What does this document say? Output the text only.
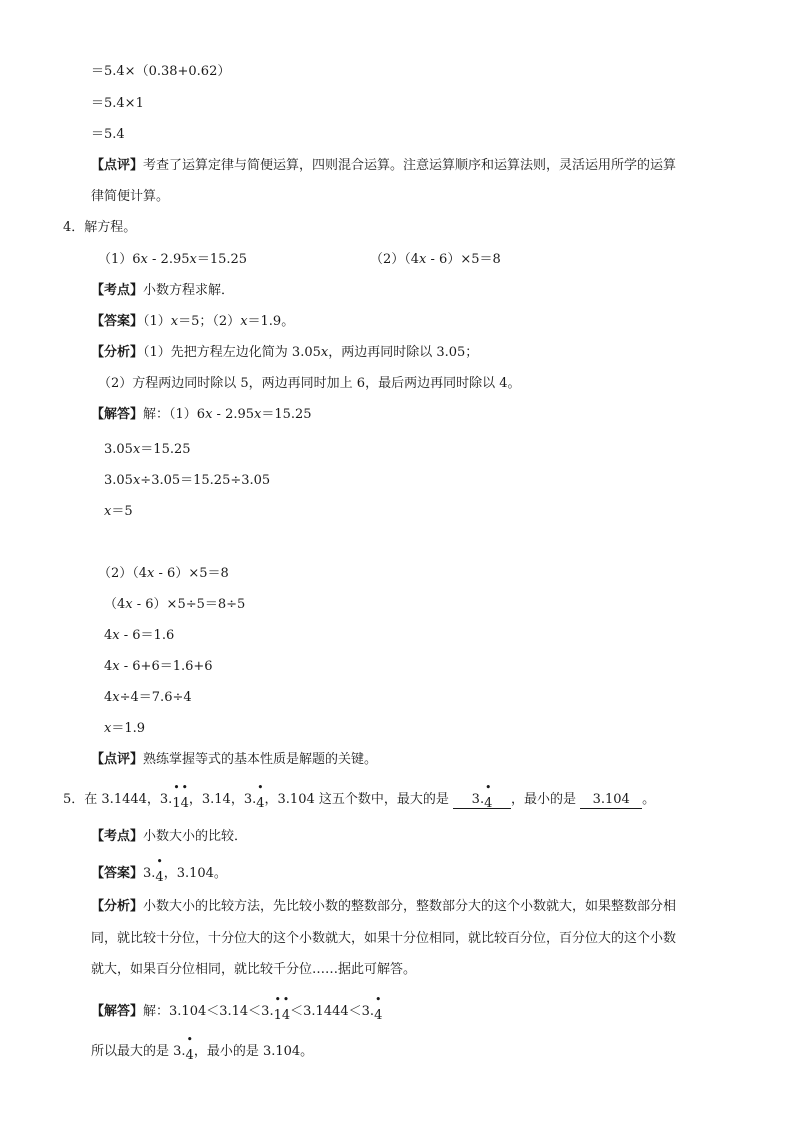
＝5.4×（0.38+0.62）
＝5.4×1
＝5.4
【点评】考查了运算定律与简便运算，四则混合运算。注意运算顺序和运算法则，灵活运用所学的运算
律简便计算。
4．解方程。
（1）6x - 2.95x＝15.25	（2）（4x - 6）×5＝8
【考点】小数方程求解．
【答案】（1）x＝5；（2）x＝1.9。
【分析】（1）先把方程左边化简为 3.05x，两边再同时除以 3.05；
（2）方程两边同时除以 5，两边再同时加上 6，最后两边再同时除以 4。
【解答】解：（1）6x - 2.95x＝15.25
3.05x＝15.25
3.05x÷3.05＝15.25÷3.05
x＝5
（2）（4x - 6）×5＝8
（4x - 6）×5÷5＝8÷5
4x - 6＝1.6
4x - 6+6＝1.6+6
4x÷4＝7.6÷4
x＝1.9
【点评】熟练掌握等式的基本性质是解题的关键。
5．在 3.1444，3.
•
1
•
4，3.14，3.
•
4，3.104 这五个数中，最大的是 3.
•
4 ，最小的是 3.104 。
【考点】小数大小的比较．
【答案】3.
•
4，3.104。
【分析】小数大小的比较方法，先比较小数的整数部分，整数部分大的这个小数就大，如果整数部分相
同，就比较十分位，十分位大的这个小数就大，如果十分位相同，就比较百分位，百分位大的这个小数
就大，如果百分位相同，就比较千分位……据此可解答。
【解答】解：3.104＜3.14＜3.
•
1
•
4＜3.1444＜3.
•
4
所以最大的是 3.
•
4，最小的是 3.104。
